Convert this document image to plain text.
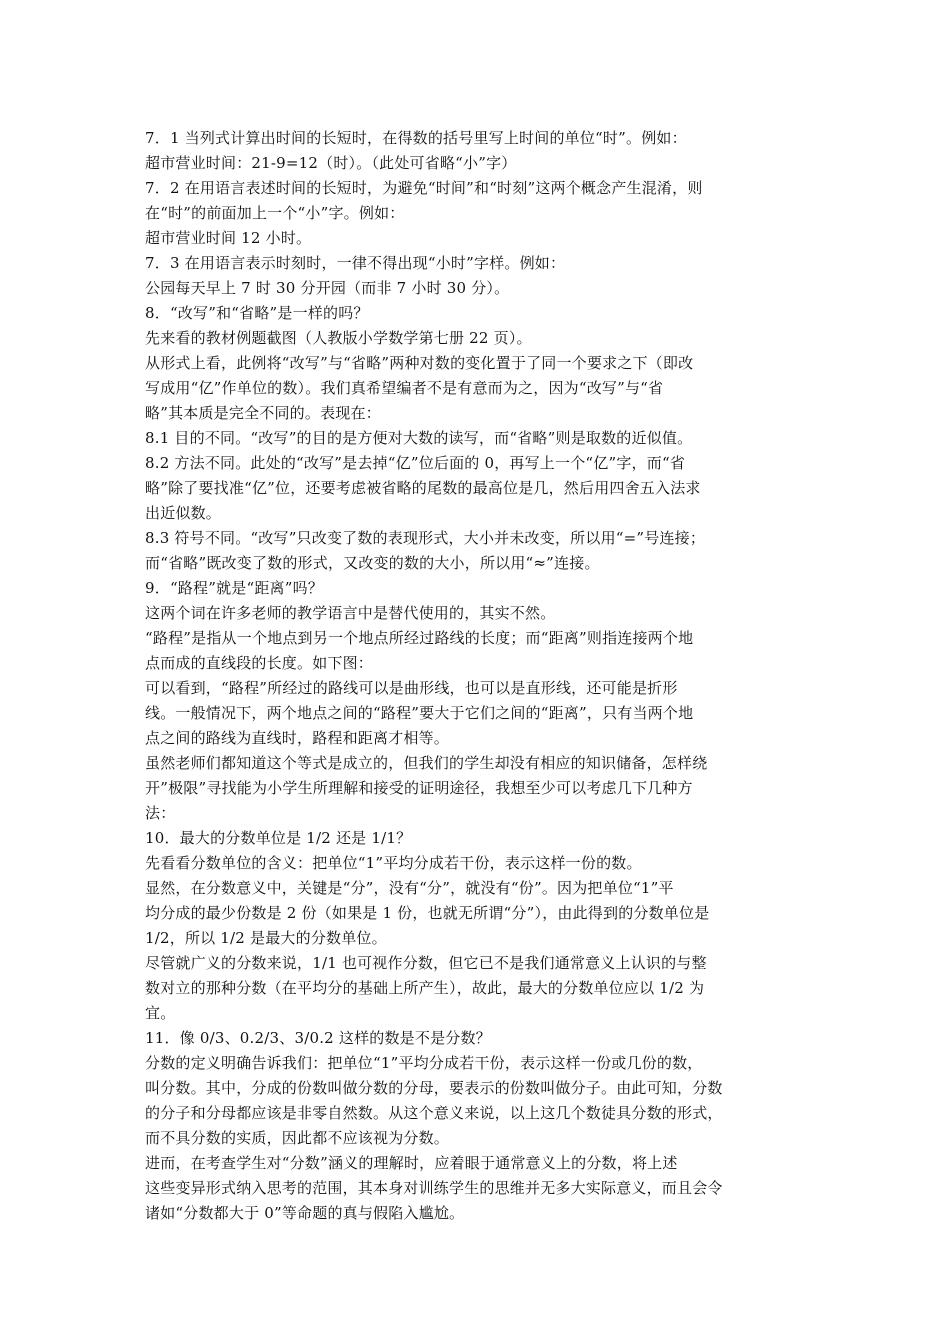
7．1 当列式计算出时间的长短时，在得数的括号里写上时间的单位“时”。例如：
超市营业时间：21-9=12（时）。（此处可省略“小”字）
7．2 在用语言表述时间的长短时，为避免“时间”和“时刻”这两个概念产生混淆，则
在“时”的前面加上一个“小”字。例如：
超市营业时间 12 小时。
7．3 在用语言表示时刻时，一律不得出现“小时”字样。例如：
公园每天早上 7 时 30 分开园（而非 7 小时 30 分）。
8．“改写”和“省略”是一样的吗？
先来看的教材例题截图（人教版小学数学第七册 22 页）。
从形式上看，此例将“改写”与“省略”两种对数的变化置于了同一个要求之下（即改
写成用“亿”作单位的数）。我们真希望编者不是有意而为之，因为“改写”与“省
略”其本质是完全不同的。表现在：
8.1 目的不同。“改写”的目的是方便对大数的读写，而“省略”则是取数的近似值。
8.2 方法不同。此处的“改写”是去掉“亿”位后面的 0，再写上一个“亿”字，而“省
略”除了要找准“亿”位，还要考虑被省略的尾数的最高位是几，然后用四舍五入法求
出近似数。
8.3 符号不同。“改写”只改变了数的表现形式，大小并未改变，所以用“=”号连接；
而“省略”既改变了数的形式，又改变的数的大小，所以用“≈”连接。
9．“路程”就是“距离”吗？
这两个词在许多老师的教学语言中是替代使用的，其实不然。
“路程”是指从一个地点到另一个地点所经过路线的长度；而“距离”则指连接两个地
点而成的直线段的长度。如下图：
可以看到，“路程”所经过的路线可以是曲形线，也可以是直形线，还可能是折形
线。一般情况下，两个地点之间的“路程”要大于它们之间的“距离”，只有当两个地
点之间的路线为直线时，路程和距离才相等。
虽然老师们都知道这个等式是成立的，但我们的学生却没有相应的知识储备，怎样绕
开”极限”寻找能为小学生所理解和接受的证明途径，我想至少可以考虑几下几种方
法：
10．最大的分数单位是 1/2 还是 1/1？
先看看分数单位的含义：把单位“1”平均分成若干份，表示这样一份的数。
显然，在分数意义中，关键是“分”，没有“分”，就没有“份”。因为把单位“1”平
均分成的最少份数是 2 份（如果是 1 份，也就无所谓“分”），由此得到的分数单位是
1/2，所以 1/2 是最大的分数单位。
尽管就广义的分数来说，1/1 也可视作分数，但它已不是我们通常意义上认识的与整
数对立的那种分数（在平均分的基础上所产生），故此，最大的分数单位应以 1/2 为
宜。
11．像 0/3、0.2/3、3/0.2 这样的数是不是分数？
分数的定义明确告诉我们：把单位“1”平均分成若干份，表示这样一份或几份的数，
叫分数。其中，分成的份数叫做分数的分母，要表示的份数叫做分子。由此可知，分数
的分子和分母都应该是非零自然数。从这个意义来说，以上这几个数徒具分数的形式，
而不具分数的实质，因此都不应该视为分数。
进而，在考查学生对“分数”涵义的理解时，应着眼于通常意义上的分数，将上述
这些变异形式纳入思考的范围，其本身对训练学生的思维并无多大实际意义，而且会令
诸如“分数都大于 0”等命题的真与假陷入尴尬。
